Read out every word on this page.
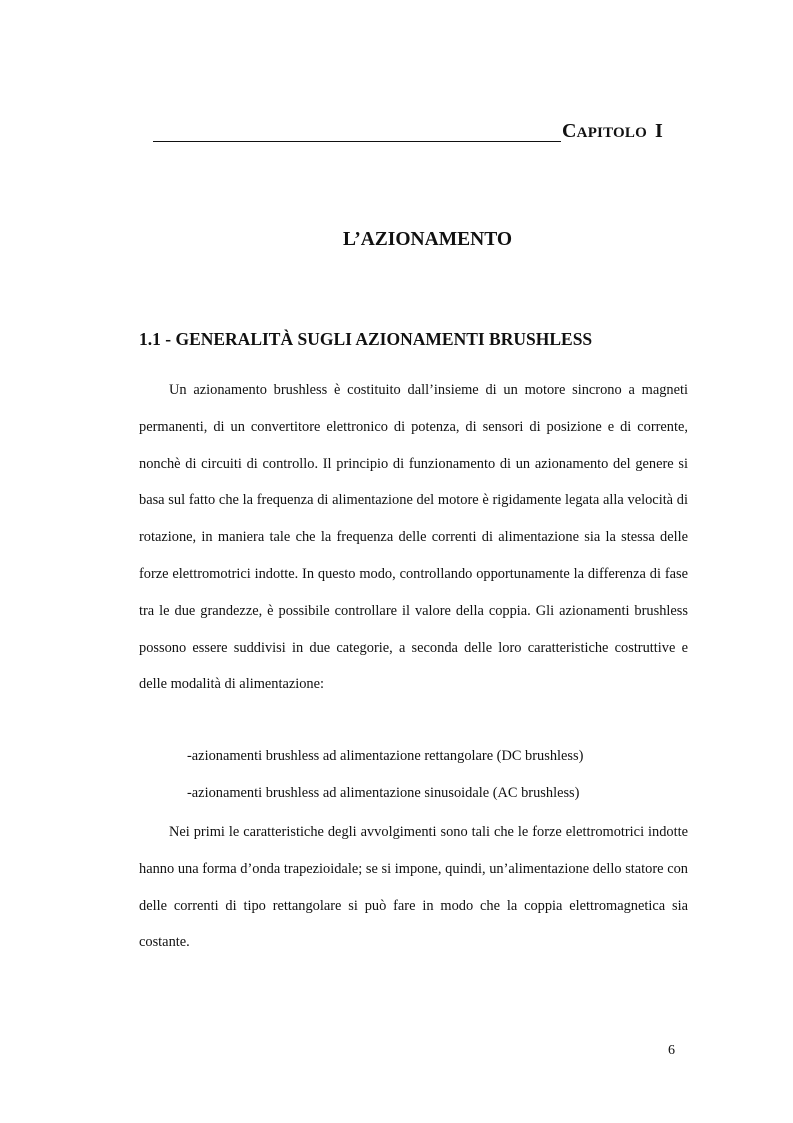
CAPITOLO I
L’AZIONAMENTO
1.1 - GENERALITÀ SUGLI AZIONAMENTI BRUSHLESS

Un azionamento brushless è costituito dall’insieme di un motore sincrono a magneti permanenti, di un convertitore elettronico di potenza, di sensori di posizione e di corrente, nonchè di circuiti di controllo. Il principio di funzionamento di un azionamento del genere si basa sul fatto che la frequenza di alimentazione del motore è rigidamente legata alla velocità di rotazione, in maniera tale che la frequenza delle correnti di alimentazione sia la stessa delle forze elettromotrici indotte. In questo modo, controllando opportunamente la differenza di fase tra le due grandezze, è possibile controllare il valore della coppia. Gli azionamenti brushless possono essere suddivisi in due categorie, a seconda delle loro caratteristiche costruttive e delle modalità di alimentazione:

-azionamenti brushless ad alimentazione rettangolare (DC brushless)
-azionamenti brushless ad alimentazione sinusoidale (AC brushless)

Nei primi le caratteristiche degli avvolgimenti sono tali che le forze elettromotrici indotte hanno una forma d’onda trapezioidale; se si impone, quindi, un’alimentazione dello statore con delle correnti di tipo rettangolare si può fare in modo che la coppia elettromagnetica sia costante.

6
